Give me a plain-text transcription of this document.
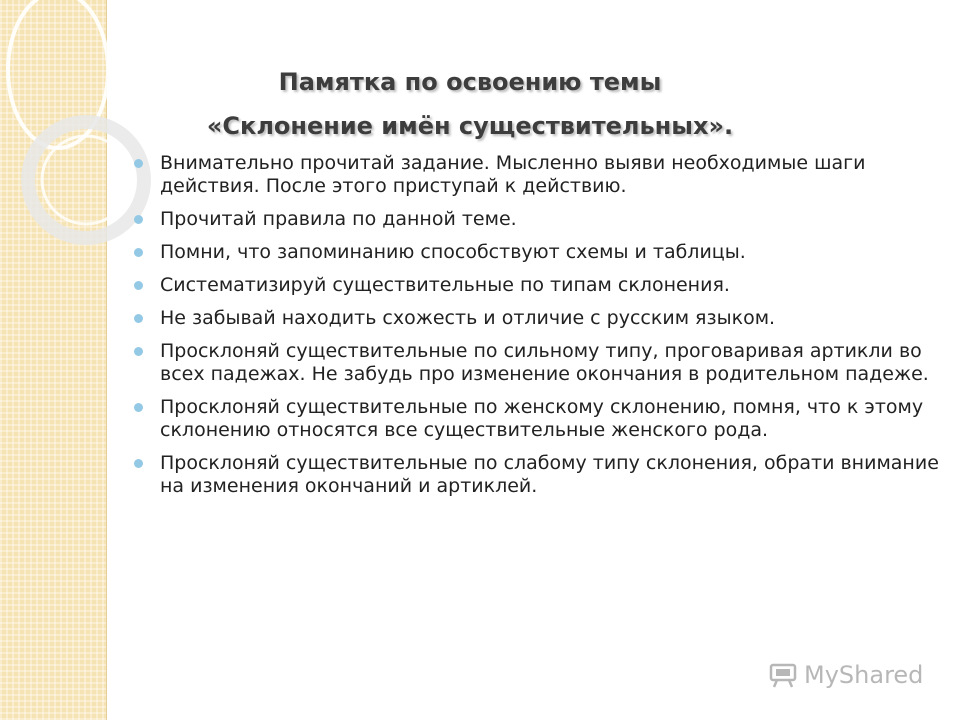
Памятка по освоению темы
«Склонение имён существительных».
Внимательно прочитай задание. Мысленно выяви необходимые шаги действия. После этого приступай к действию.
Прочитай правила по данной теме.
Помни, что запоминанию способствуют схемы и таблицы.
Систематизируй существительные по типам склонения.
Не забывай находить схожесть и отличие с русским языком.
Просклоняй существительные по сильному типу, проговаривая артикли во всех падежах. Не забудь про изменение окончания в родительном падеже.
Просклоняй существительные по женскому склонению, помня, что к этому склонению относятся все существительные женского рода.
Просклоняй существительные по слабому типу склонения, обрати внимание на изменения окончаний и артиклей.
MyShared
